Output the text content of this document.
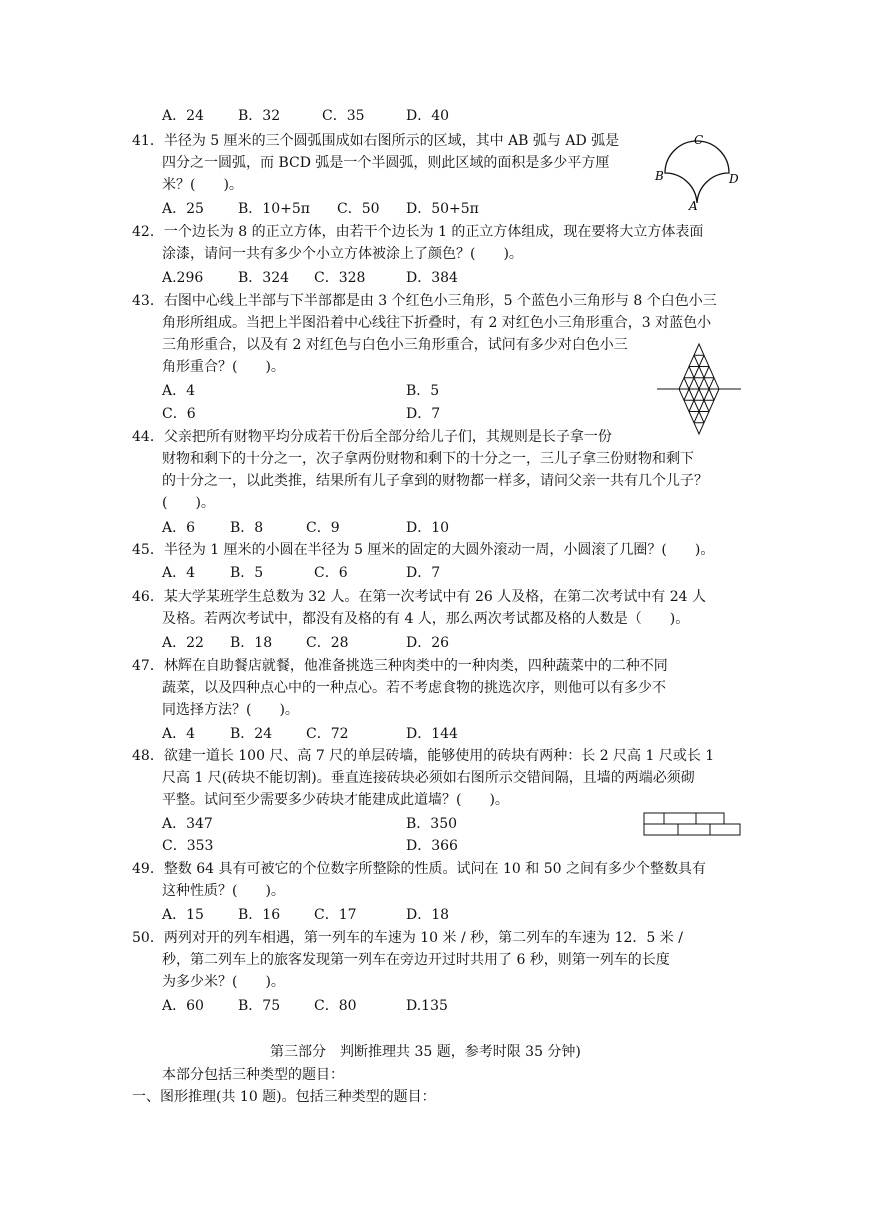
A．24 B．32	C．35	D．40
41．半径为 5 厘米的三个圆弧围成如右图所示的区域，其中 AB 弧与 AD 弧是
四分之一圆弧，而 BCD 弧是一个半圆弧，则此区域的面积是多少平方厘
米？(　　)。
A．25 B．10+5π C．50 D．50+5π
C
B	D
A
42．一个边长为 8 的正立方体，由若干个边长为 1 的正立方体组成，现在要将大立方体表面
涂漆，请问一共有多少个小立方体被涂上了颜色？(　　)。
A.296 B．324 C．328	D．384
43．右图中心线上半部与下半部都是由 3 个红色小三角形，5 个蓝色小三角形与 8 个白色小三
角形所组成。当把上半图沿着中心线往下折叠时，有 2 对红色小三角形重合，3 对蓝色小
三角形重合，以及有 2 对红色与白色小三角形重合，试问有多少对白色小三
角形重合？(　　)。
A．4	B．5
C．6	D．7
44．父亲把所有财物平均分成若干份后全部分给儿子们，其规则是长子拿一份
财物和剩下的十分之一，次子拿两份财物和剩下的十分之一，三儿子拿三份财物和剩下
的十分之一，以此类推，结果所有儿子拿到的财物都一样多，请问父亲一共有几个儿子？
(　　)。
A．6 B．8	C．9	D．10
45．半径为 1 厘米的小圆在半径为 5 厘米的固定的大圆外滚动一周，小圆滚了几圈？(　　)。
A．4 B．5	C．6	D．7
46．某大学某班学生总数为 32 人。在第一次考试中有 26 人及格，在第二次考试中有 24 人
及格。若两次考试中，都没有及格的有 4 人，那么两次考试都及格的人数是（　　)。
A．22 B．18 C．28	D．26
47．林辉在自助餐店就餐，他准备挑选三种肉类中的一种肉类，四种蔬菜中的二种不同
蔬菜，以及四种点心中的一种点心。若不考虑食物的挑选次序，则他可以有多少不
同选择方法？(　　)。
A．4 B．24 C．72	D．144
48．欲建一道长 100 尺、高 7 尺的单层砖墙，能够使用的砖块有两种：长 2 尺高 1 尺或长 1
尺高 1 尺(砖块不能切割)。垂直连接砖块必须如右图所示交错间隔，且墙的两端必须砌
平整。试问至少需要多少砖块才能建成此道墙？(　　)。
A．347	B．350
C．353	D．366
49．整数 64 具有可被它的个位数字所整除的性质。试问在 10 和 50 之间有多少个整数具有
这种性质？(　　)。
A．15 B．16 C．17	D．18
50．两列对开的列车相遇，第一列车的车速为 10 米 / 秒，第二列车的车速为 12．5 米 /
秒，第二列车上的旅客发现第一列车在旁边开过时共用了 6 秒，则第一列车的长度
为多少米？(　　)。
A．60 B．75 C．80	D.135
第三部分　判断推理共 35 题，参考时限 35 分钟)
本部分包括三种类型的题目：
一、图形推理(共 10 题)。包括三种类型的题目：
